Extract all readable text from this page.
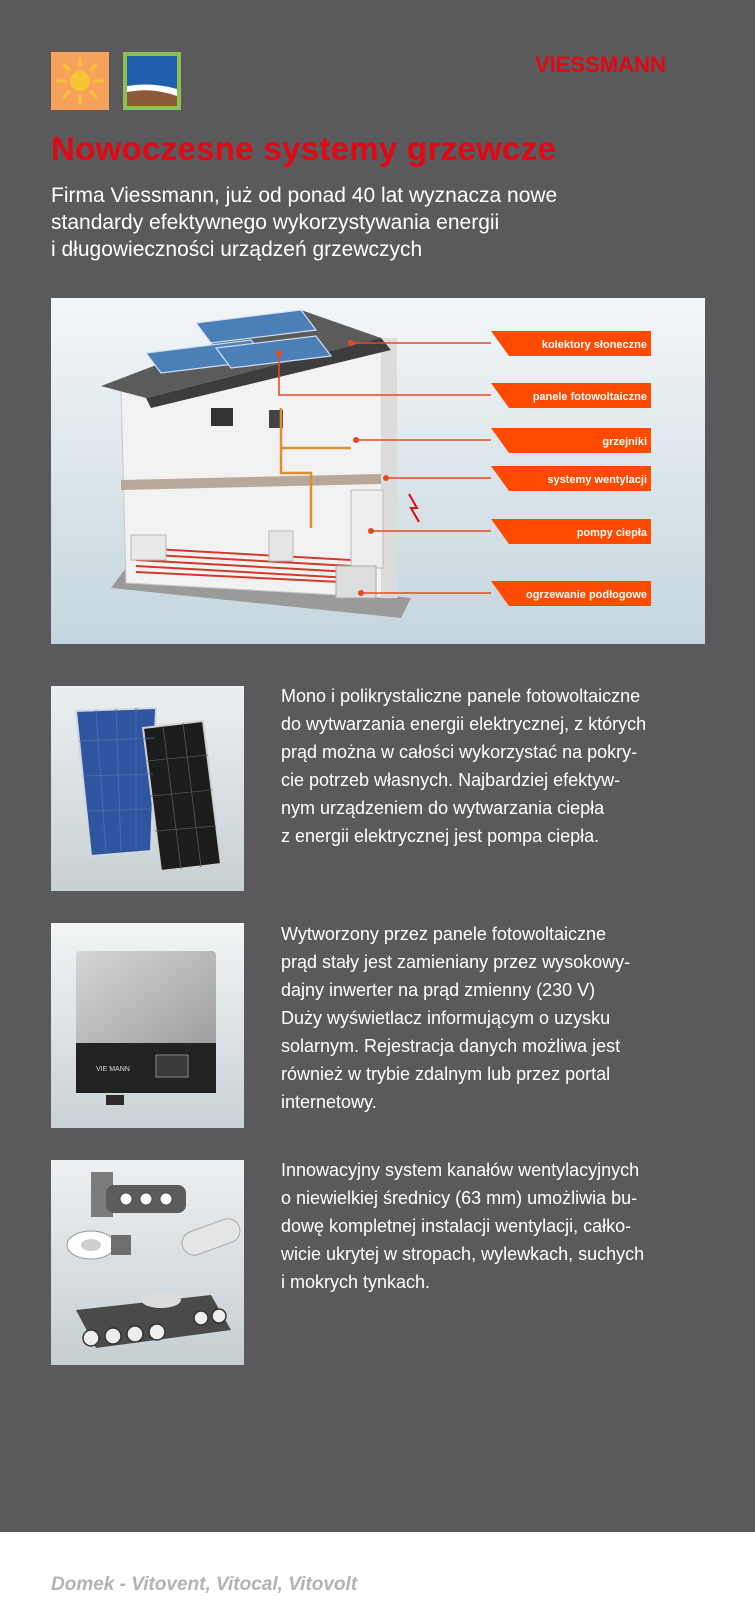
VIESSMANN
Nowoczesne systemy grzewcze

Firma Viessmann, już od ponad 40 lat wyznacza nowe
standardy efektywnego wykorzystywania energii
i długowieczności urządzeń grzewczych

kolektory słoneczne
panele fotowoltaiczne
grzejniki
systemy wentylacji
pompy ciepła
ogrzewanie podłogowe

Mono i polikrystaliczne panele fotowoltaiczne
do wytwarzania energii elektrycznej, z których
prąd można w całości wykorzystać na pokry-
cie potrzeb własnych. Najbardziej efektyw-
nym urządzeniem do wytwarzania ciepła
z energii elektrycznej jest pompa ciepła.

VIE MANN

Wytworzony przez panele fotowoltaiczne
prąd stały jest zamieniany przez wysokowy-
dajny inwerter na prąd zmienny (230 V)
Duży wyświetlacz informującym o uzysku
solarnym. Rejestracja danych możliwa jest
również w trybie zdalnym lub przez portal
internetowy.

Innowacyjny system kanałów wentylacyjnych
o niewielkiej średnicy (63 mm) umożliwia bu-
dowę kompletnej instalacji wentylacji, całko-
wicie ukrytej w stropach, wylewkach, suchych
i mokrych tynkach.

Domek - Vitovent, Vitocal, Vitovolt
